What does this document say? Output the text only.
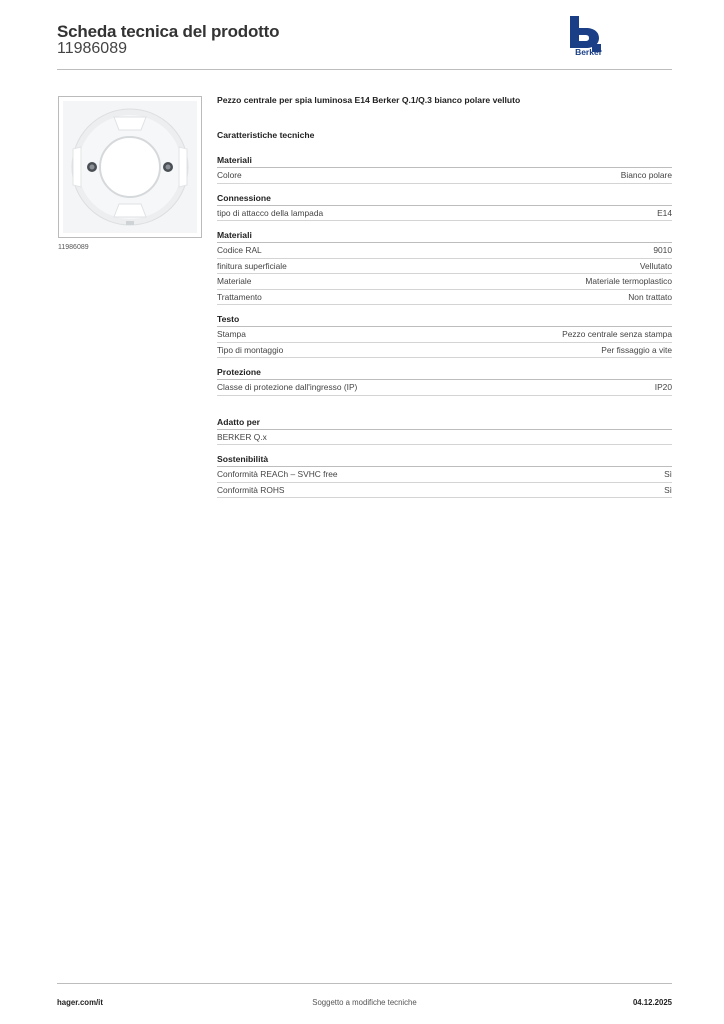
Scheda tecnica del prodotto
11986089	Berker
11986089
Pezzo centrale per spia luminosa E14 Berker Q.1/Q.3 bianco polare velluto
Caratteristiche tecniche
Materiali
Colore	Bianco polare
Connessione
tipo di attacco della lampada	E14
Materiali
Codice RAL	9010
finitura superficiale	Vellutato
Materiale	Materiale termoplastico
Trattamento	Non trattato
Testo
Stampa	Pezzo centrale senza stampa
Tipo di montaggio	Per fissaggio a vite
Protezione
Classe di protezione dall'ingresso (IP)	IP20
Adatto per
BERKER Q.x
Sostenibilità
Conformità REACh – SVHC free	Sì
Conformità ROHS	Sì
hager.com/it	Soggetto a modifiche tecniche	04.12.2025
